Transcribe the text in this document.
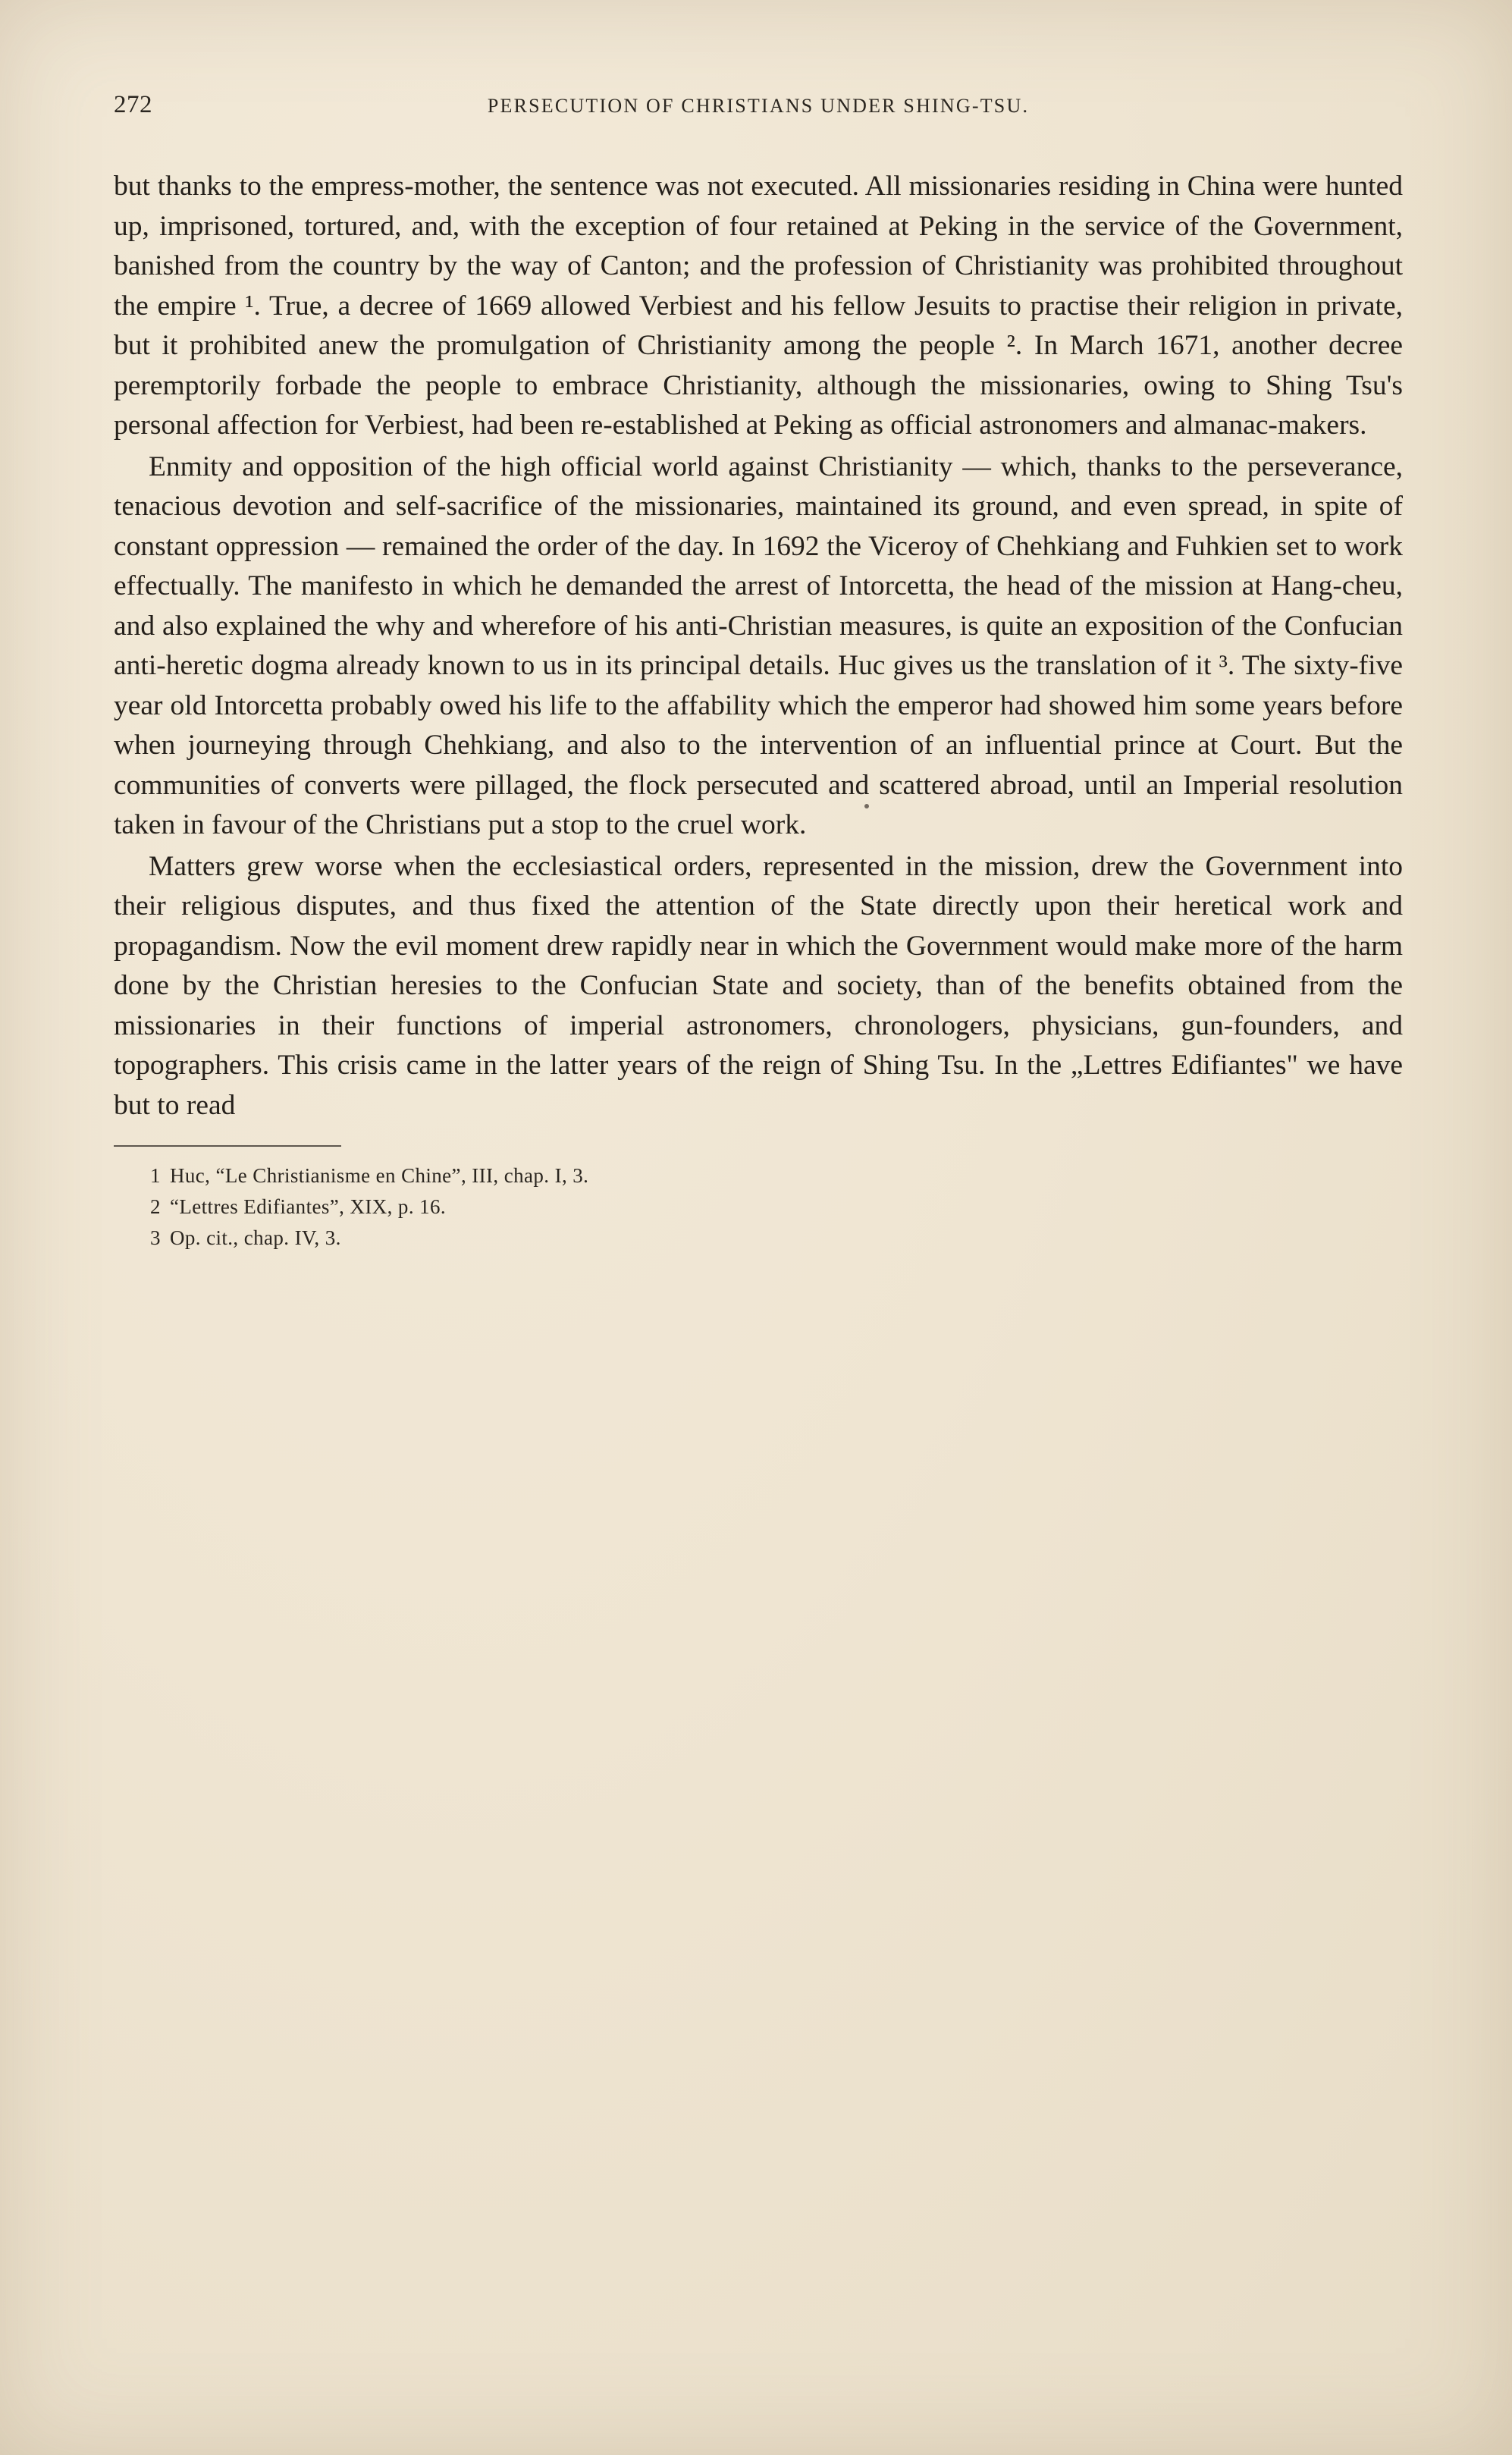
272	PERSECUTION OF CHRISTIANS UNDER SHING-TSU.

but thanks to the empress-mother, the sentence was not executed. All missionaries residing in China were hunted up, imprisoned, tortured, and, with the exception of four retained at Peking in the service of the Government, banished from the country by the way of Canton; and the profession of Christianity was prohibited throughout the empire ¹. True, a decree of 1669 allowed Verbiest and his fellow Jesuits to practise their religion in private, but it prohibited anew the promulgation of Christianity among the people ². In March 1671, another decree peremptorily forbade the people to embrace Christianity, although the missionaries, owing to Shing Tsu's personal affection for Verbiest, had been re-established at Peking as official astronomers and almanac-makers.

Enmity and opposition of the high official world against Christianity — which, thanks to the perseverance, tenacious devotion and self-sacrifice of the missionaries, maintained its ground, and even spread, in spite of constant oppression — remained the order of the day. In 1692 the Viceroy of Chehkiang and Fuhkien set to work effectually. The manifesto in which he demanded the arrest of Intorcetta, the head of the mission at Hang-cheu, and also explained the why and wherefore of his anti-Christian measures, is quite an exposition of the Confucian anti-heretic dogma already known to us in its principal details. Huc gives us the translation of it ³. The sixty-five year old Intorcetta probably owed his life to the affability which the emperor had showed him some years before when journeying through Chehkiang, and also to the intervention of an influential prince at Court. But the communities of converts were pillaged, the flock persecuted and scattered abroad, until an Imperial resolution taken in favour of the Christians put a stop to the cruel work.

Matters grew worse when the ecclesiastical orders, represented in the mission, drew the Government into their religious disputes, and thus fixed the attention of the State directly upon their heretical work and propagandism. Now the evil moment drew rapidly near in which the Government would make more of the harm done by the Christian heresies to the Confucian State and society, than of the benefits obtained from the missionaries in their functions of imperial astronomers, chronologers, physicians, gun-founders, and topographers. This crisis came in the latter years of the reign of Shing Tsu. In the „Lettres Edifiantes" we have but to read

1 Huc, “Le Christianisme en Chine”, III, chap. I, 3.
2 “Lettres Edifiantes”, XIX, p. 16.
3 Op. cit., chap. IV, 3.
